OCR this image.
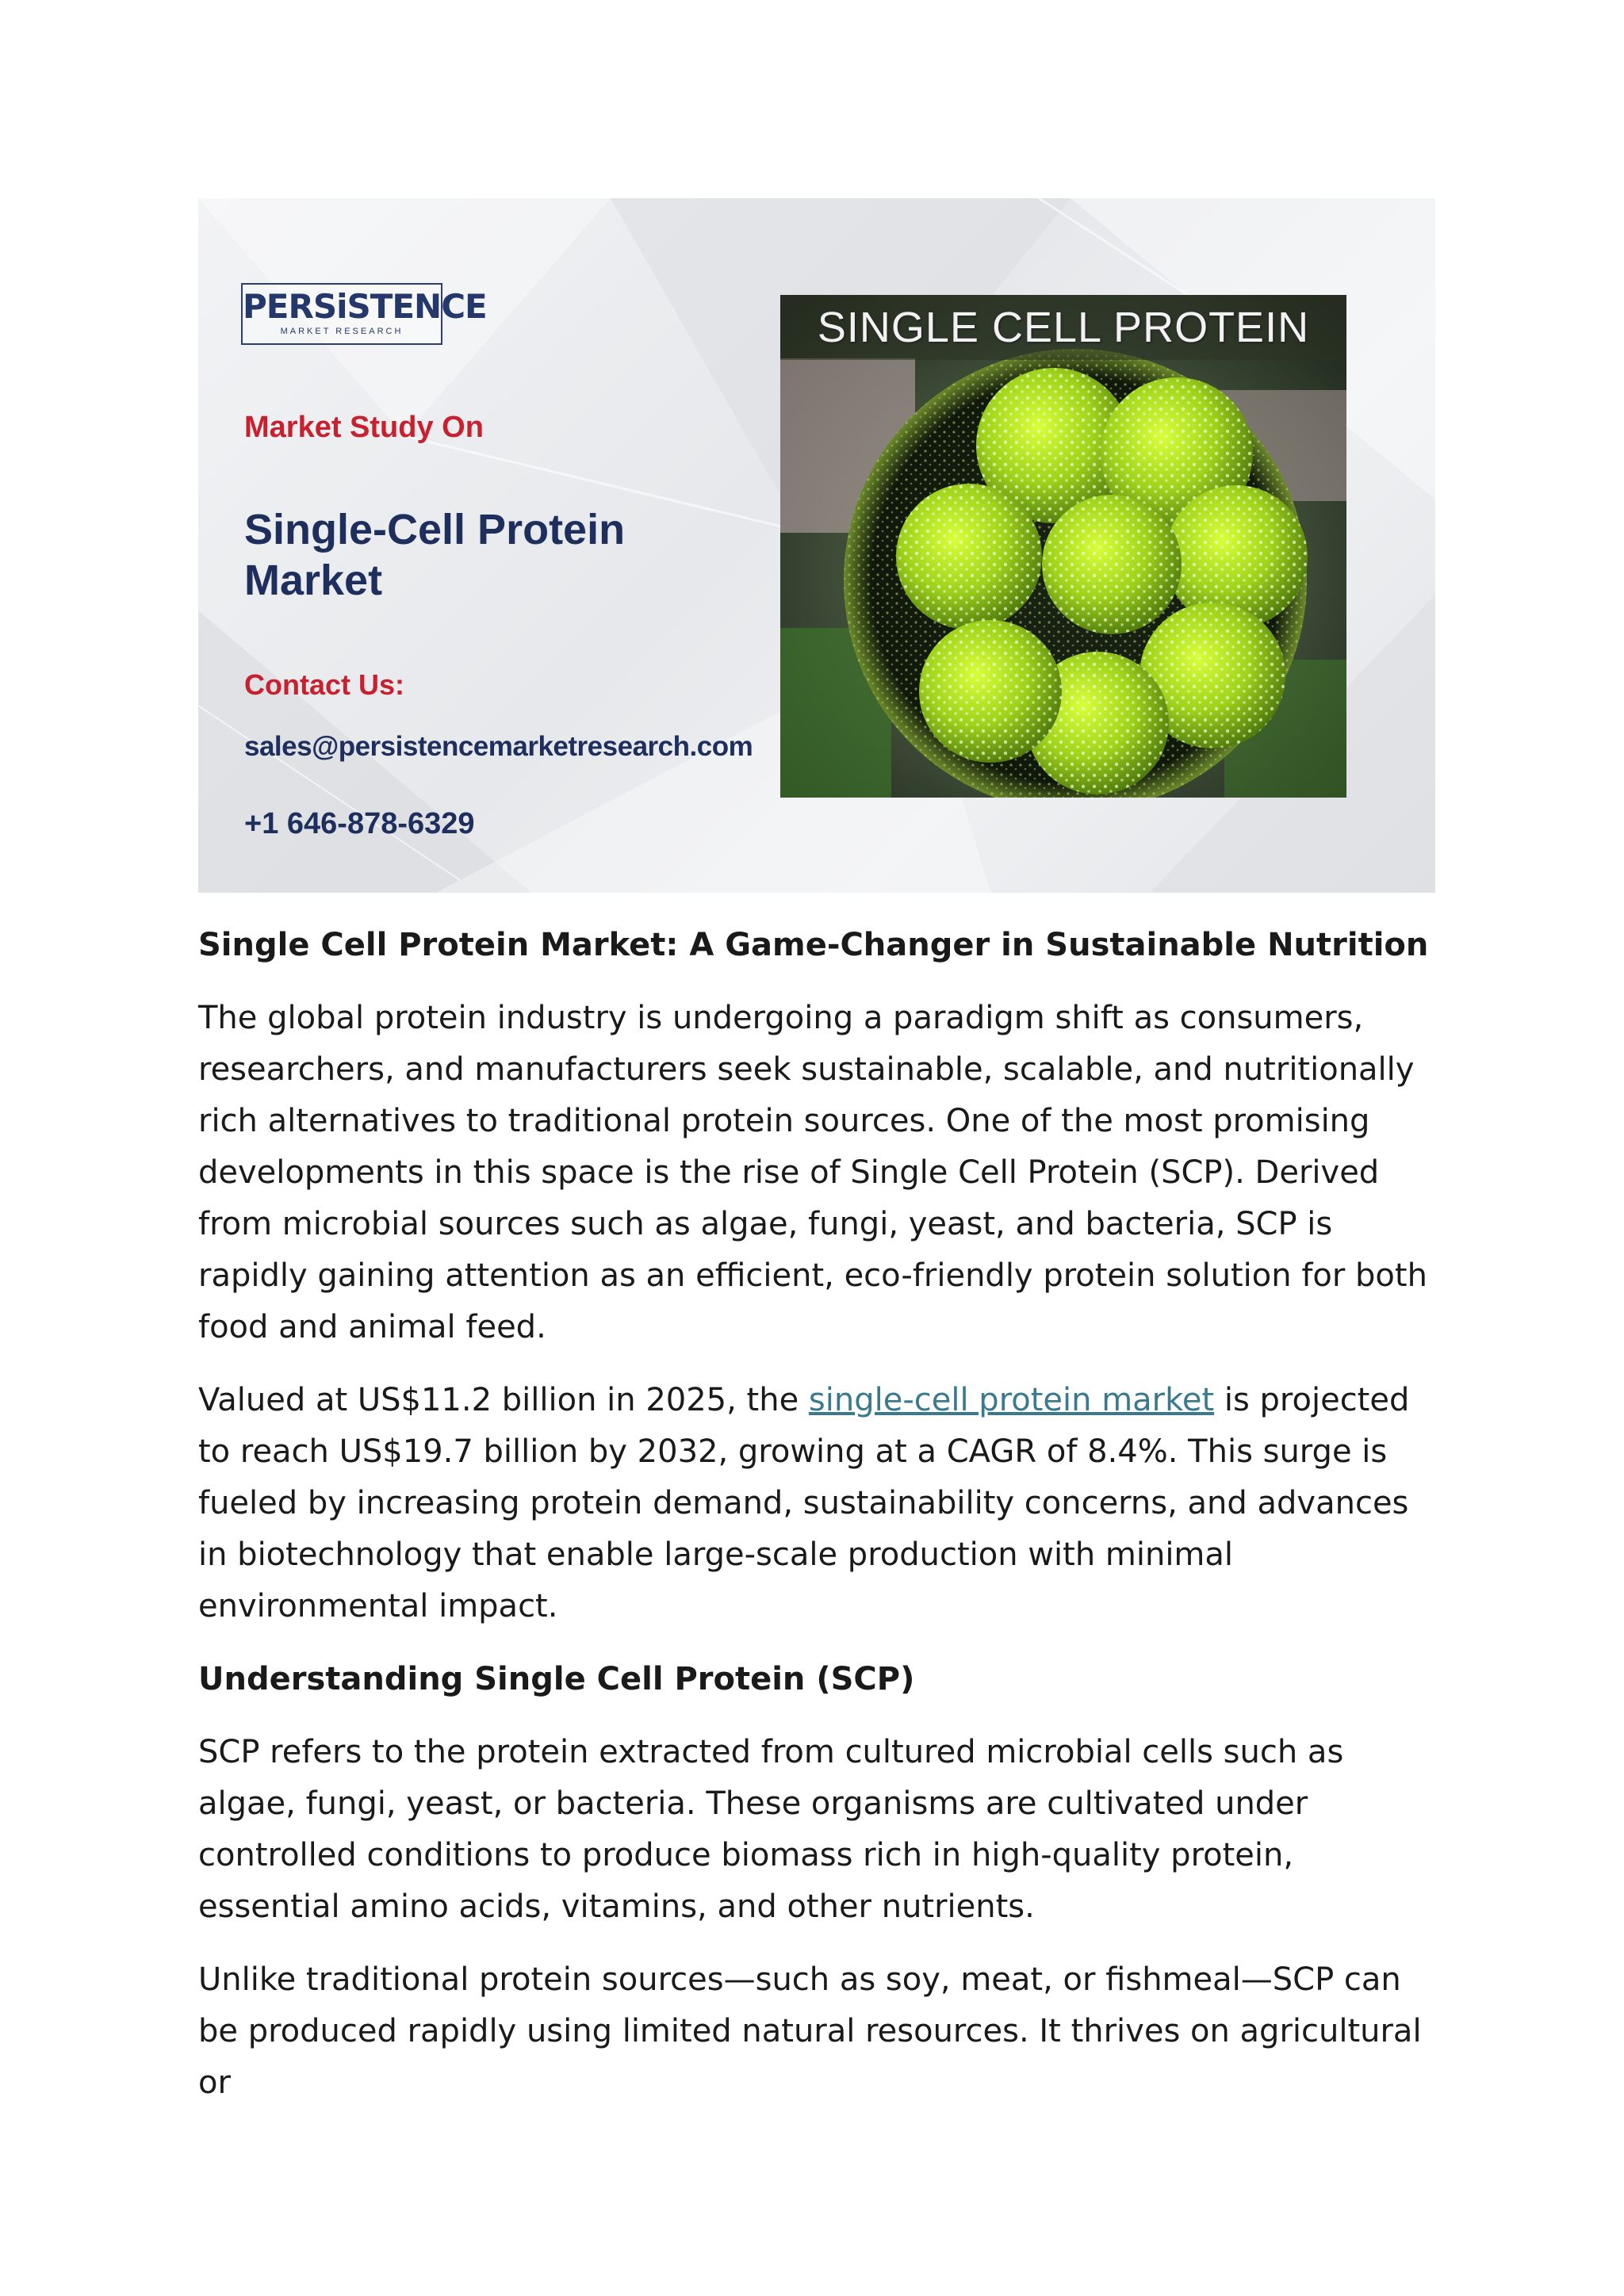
PERSiSTENCE
MARKET RESEARCH
Market Study On
Single-Cell Protein Market
Contact Us:
sales@persistencemarketresearch.com
+1 646-878-6329
SINGLE CELL PROTEIN
Single Cell Protein Market: A Game-Changer in Sustainable Nutrition

The global protein industry is undergoing a paradigm shift as consumers, researchers, and manufacturers seek sustainable, scalable, and nutritionally rich alternatives to traditional protein sources. One of the most promising developments in this space is the rise of Single Cell Protein (SCP). Derived from microbial sources such as algae, fungi, yeast, and bacteria, SCP is rapidly gaining attention as an efficient, eco-friendly protein solution for both food and animal feed.

Valued at US$11.2 billion in 2025, the single-cell protein market is projected to reach US$19.7 billion by 2032, growing at a CAGR of 8.4%. This surge is fueled by increasing protein demand, sustainability concerns, and advances in biotechnology that enable large-scale production with minimal environmental impact.

Understanding Single Cell Protein (SCP)

SCP refers to the protein extracted from cultured microbial cells such as algae, fungi, yeast, or bacteria. These organisms are cultivated under controlled conditions to produce biomass rich in high-quality protein, essential amino acids, vitamins, and other nutrients.

Unlike traditional protein sources—such as soy, meat, or fishmeal—SCP can be produced rapidly using limited natural resources. It thrives on agricultural or
